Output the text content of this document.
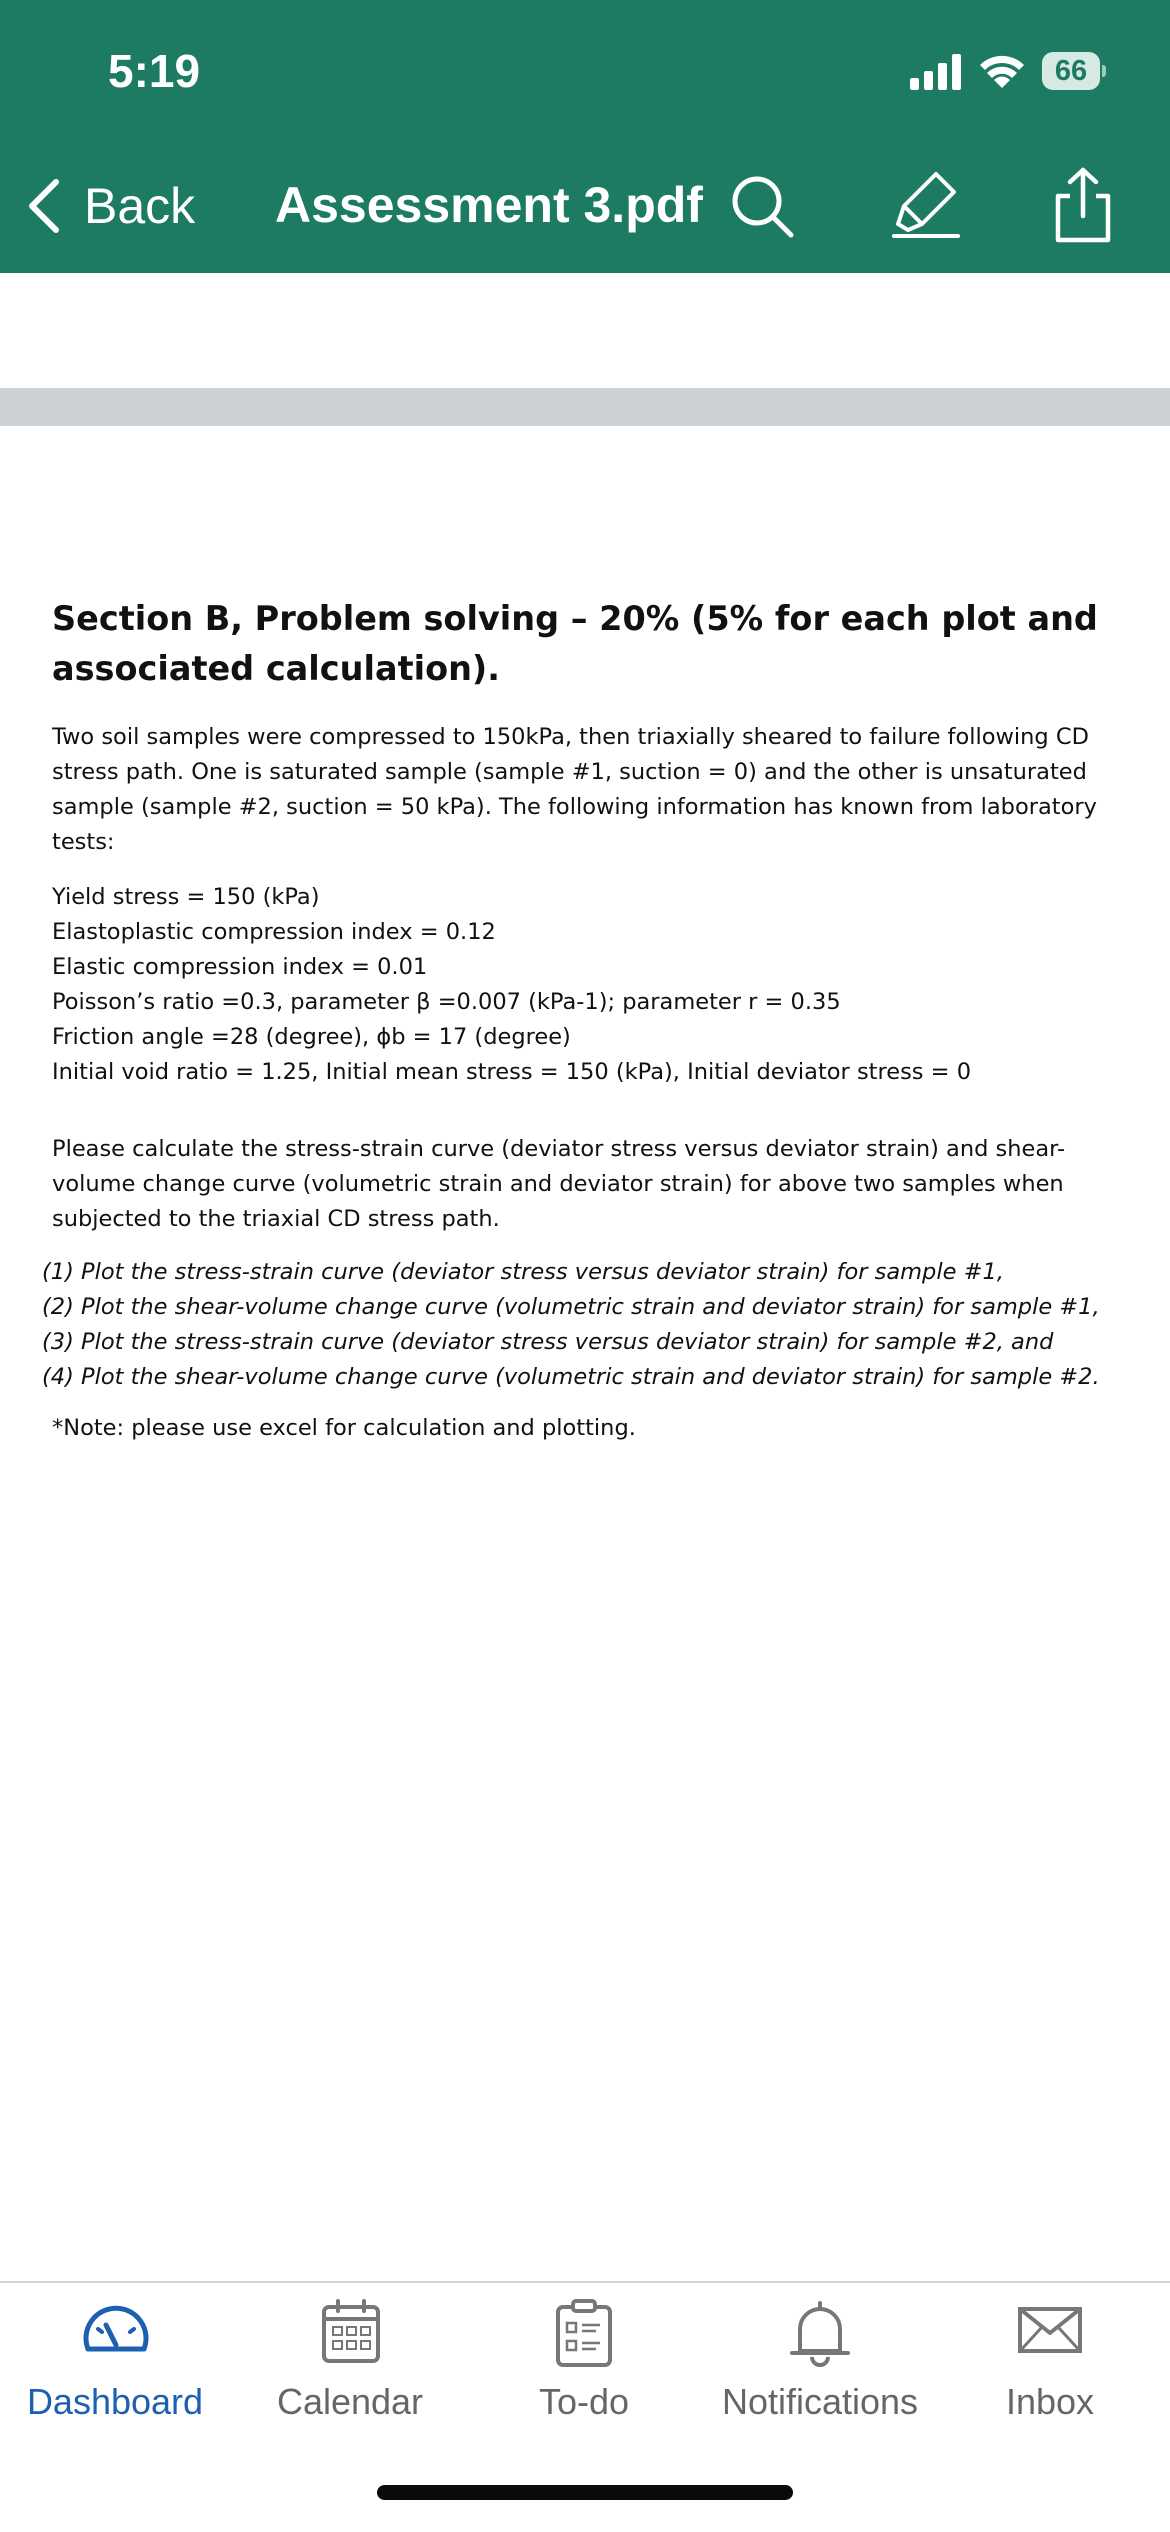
5:19	66
Back Assessment 3.pdf
Section B, Problem solving – 20% (5% for each plot and associated calculation).
Two soil samples were compressed to 150kPa, then triaxially sheared to failure following CD stress path. One is saturated sample (sample #1, suction = 0) and the other is unsaturated sample (sample #2, suction = 50 kPa). The following information has known from laboratory tests:
Yield stress = 150 (kPa)
Elastoplastic compression index = 0.12
Elastic compression index = 0.01
Poisson’s ratio =0.3, parameter β =0.007 (kPa-1); parameter r = 0.35
Friction angle =28 (degree), ϕb = 17 (degree)
Initial void ratio = 1.25, Initial mean stress = 150 (kPa), Initial deviator stress = 0
Please calculate the stress-strain curve (deviator stress versus deviator strain) and shear-volume change curve (volumetric strain and deviator strain) for above two samples when subjected to the triaxial CD stress path.
(1) Plot the stress-strain curve (deviator stress versus deviator strain) for sample #1,
(2) Plot the shear-volume change curve (volumetric strain and deviator strain) for sample #1,
(3) Plot the stress-strain curve (deviator stress versus deviator strain) for sample #2, and
(4) Plot the shear-volume change curve (volumetric strain and deviator strain) for sample #2.
*Note: please use excel for calculation and plotting.
Dashboard	Calendar	To-do	Notifications	Inbox
